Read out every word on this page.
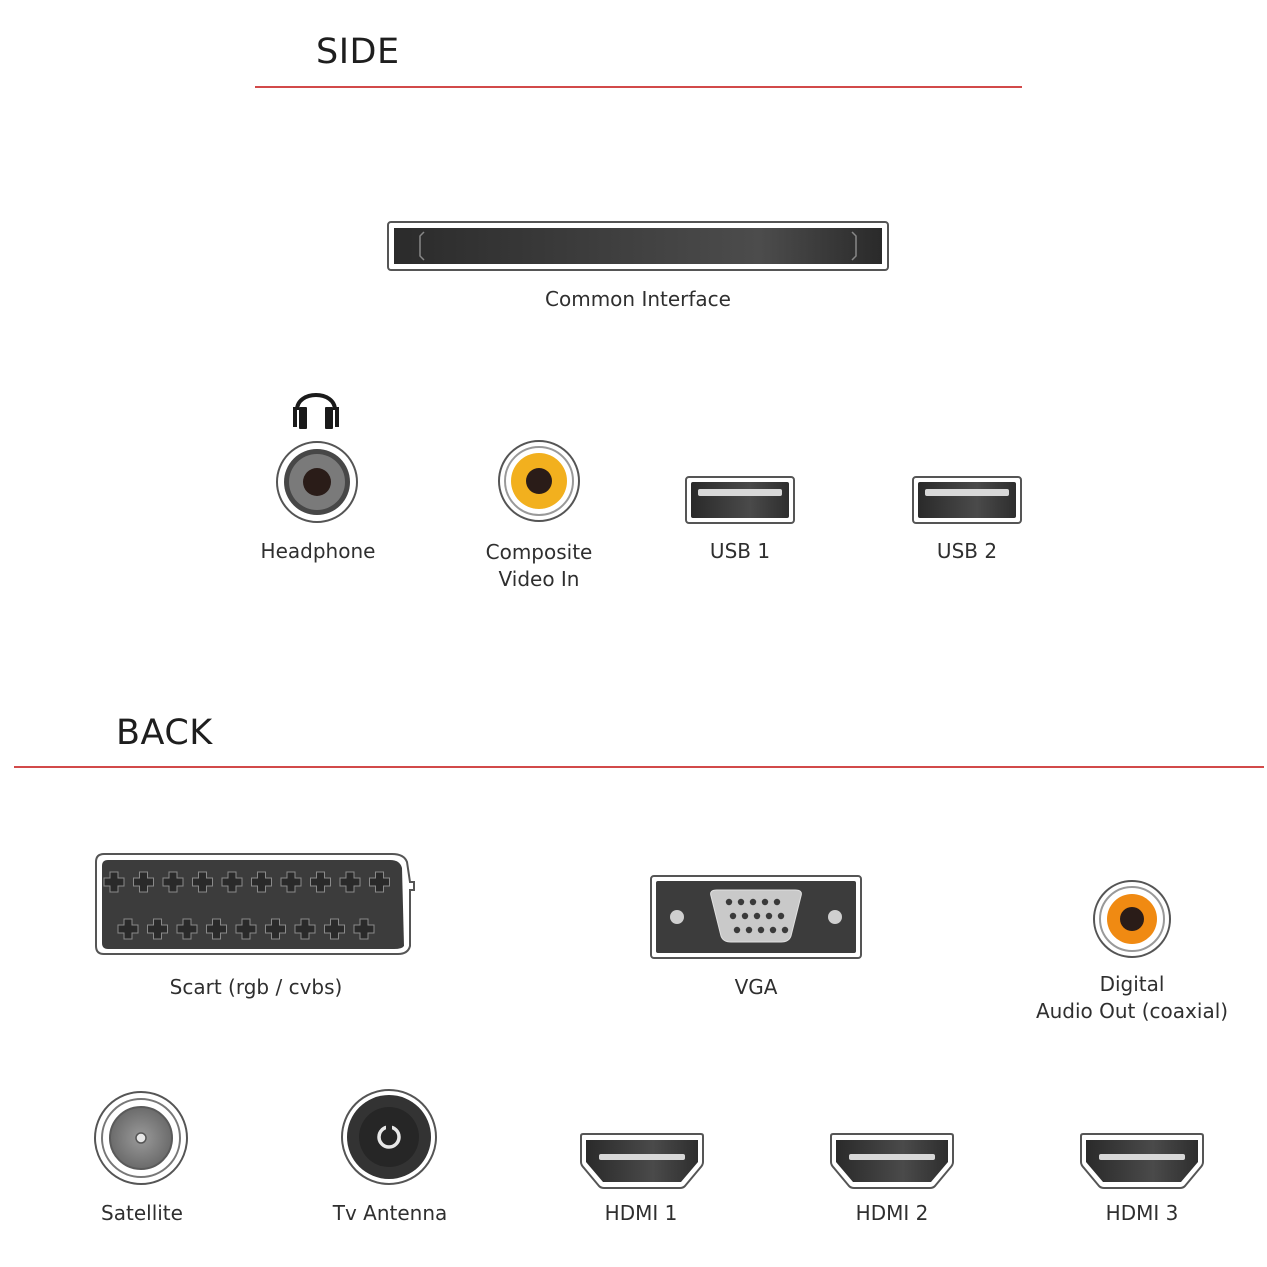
SIDE
Common Interface
Headphone	Composite
Video In
USB 1	USB 2
BACK
Scart (rgb / cvbs)	VGA	Digital
Audio Out (coaxial)
Satellite	Tv Antenna	HDMI 1	HDMI 2	HDMI 3
